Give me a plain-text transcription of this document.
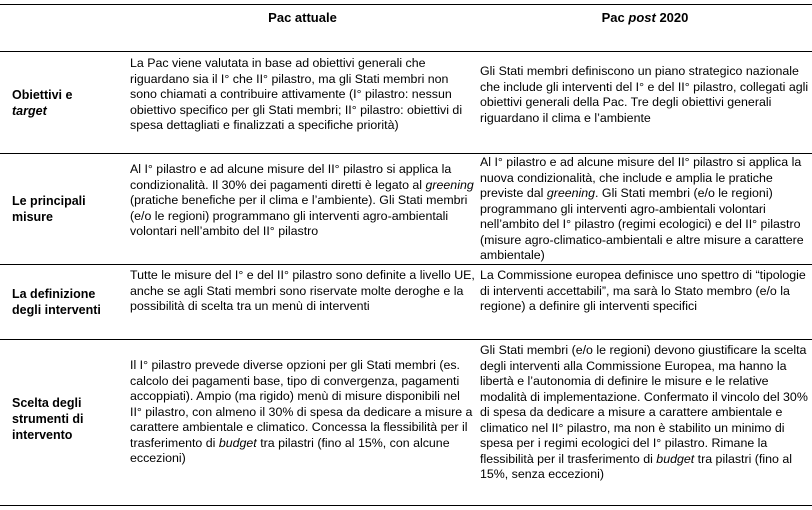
Pac attuale	Pac post 2020
Obiettivi e
target
La Pac viene valutata in base ad obiettivi generali che riguardano sia il I° che II° pilastro, ma gli Stati membri non sono chiamati a contribuire attivamente (I° pilastro: nessun obiettivo specifico per gli Stati membri; II° pilastro: obiettivi di spesa dettagliati e finalizzati a specifiche priorità)
Gli Stati membri definiscono un piano strategico nazionale che include gli interventi del I° e del II° pilastro, collegati agli obiettivi generali della Pac. Tre degli obiettivi generali riguardano il clima e l’ambiente
Le principali misure
Al I° pilastro e ad alcune misure del II° pilastro si applica la condizionalità. Il 30% dei pagamenti diretti è legato al greening (pratiche benefiche per il clima e l’ambiente). Gli Stati membri (e/o le regioni) programmano gli interventi agro-ambientali volontari nell’ambito del II° pilastro
Al I° pilastro e ad alcune misure del II° pilastro si applica la nuova condizionalità, che include e amplia le pratiche previste dal greening. Gli Stati membri (e/o le regioni) programmano gli interventi agro-ambientali volontari nell’ambito del I° pilastro (regimi ecologici) e del II° pilastro (misure agro-climatico-ambientali e altre misure a carattere ambientale)
La definizione degli interventi
Tutte le misure del I° e del II° pilastro sono definite a livello UE, anche se agli Stati membri sono riservate molte deroghe e la possibilità di scelta tra un menù di interventi
La Commissione europea definisce uno spettro di “tipologie di interventi accettabili”, ma sarà lo Stato membro (e/o la regione) a definire gli interventi specifici
Scelta degli strumenti di intervento
Il I° pilastro prevede diverse opzioni per gli Stati membri (es. calcolo dei pagamenti base, tipo di convergenza, pagamenti accoppiati). Ampio (ma rigido) menù di misure disponibili nel II° pilastro, con almeno il 30% di spesa da dedicare a misure a carattere ambientale e climatico. Concessa la flessibilità per il trasferimento di budget tra pilastri (fino al 15%, con alcune eccezioni)
Gli Stati membri (e/o le regioni) devono giustificare la scelta degli interventi alla Commissione Europea, ma hanno la libertà e l’autonomia di definire le misure e le relative modalità di implementazione. Confermato il vincolo del 30% di spesa da dedicare a misure a carattere ambientale e climatico nel II° pilastro, ma non è stabilito un minimo di spesa per i regimi ecologici del I° pilastro. Rimane la flessibilità per il trasferimento di budget tra pilastri (fino al 15%, senza eccezioni)
